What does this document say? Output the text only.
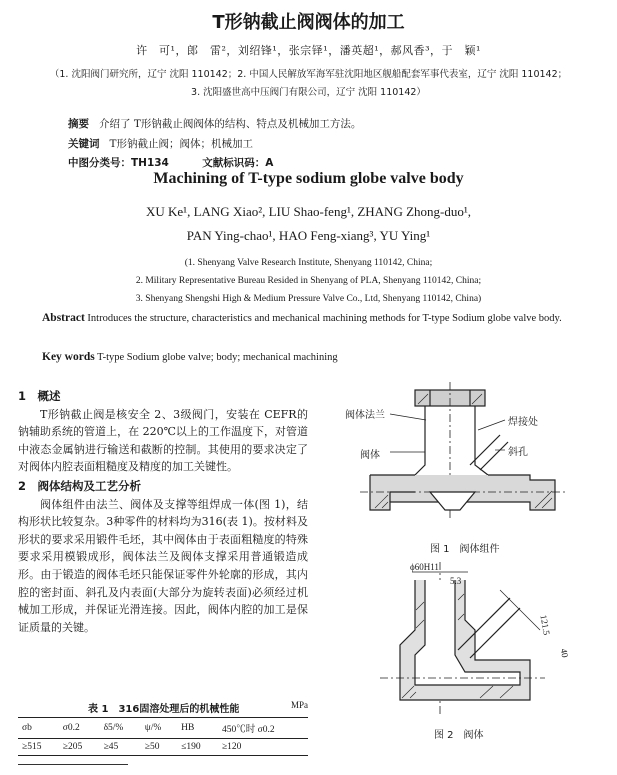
T形钠截止阀阀体的加工
许　可¹，郎　雷²，刘绍锋¹，张宗铎¹，潘英超¹，郝风香³，于　颖¹
（1. 沈阳阀门研究所，辽宁 沈阳 110142；2. 中国人民解放军海军驻沈阳地区舰船配套军事代表室，辽宁 沈阳 110142；
3. 沈阳盛世高中压阀门有限公司，辽宁 沈阳 110142）
摘要 介绍了 T形钠截止阀阀体的结构、特点及机械加工方法。
关键词 T形钠截止阀；阀体；机械加工
中图分类号：TH134	文献标识码：A
Machining of T-type sodium globe valve body
XU Ke¹, LANG Xiao², LIU Shao-feng¹, ZHANG Zhong-duo¹,
PAN Ying-chao¹, HAO Feng-xiang³, YU Ying¹
(1. Shenyang Valve Research Institute, Shenyang 110142, China;
2. Military Representative Bureau Resided in Shenyang of PLA, Shenyang 110142, China;
3. Shenyang Shengshi High & Medium Pressure Valve Co., Ltd, Shenyang 110142, China)
Abstract Introduces the structure, characteristics and mechanical machining methods for T-type Sodium globe valve body.
Key words T-type Sodium globe valve; body; mechanical machining
1　概述
T形钠截止阀是核安全 2、3级阀门，安装在 CEFR的钠辅助系统的管道上，在 220℃以上的工作温度下，对管道中液态金属钠进行输送和截断的控制。其使用的要求决定了对阀体内腔表面粗糙度及精度的加工关键性。
2　阀体结构及工艺分析
阀体组件由法兰、阀体及支撑等组焊成一体(图 1)，结构形状比较复杂。3种零件的材料均为316(表 1)。按材料及形状的要求采用锻件毛坯，其中阀体由于表面粗糙度的特殊要求采用模锻成形，阀体法兰及阀体支撑采用普通锻造成形。由于锻造的阀体毛坯只能保证零件外轮廓的形成，其内腔的密封面、斜孔及内表面(大部分为旋转表面)必须经过机械加工形成，并保证光滑连接。因此，阀体内腔的加工是保证质量的关键。
表 1　316固溶处理后的机械性能	MPa
σb	σ0.2	δ5/%	ψ/%	HB	450℃时 σ0.2
≥515	≥205	≥45	≥50	≤190	≥120
阀体法兰
阀体
焊接处
斜孔
图 1　阀体组件
ϕ60H11
5.3
121.5
40
图 2　阀体
